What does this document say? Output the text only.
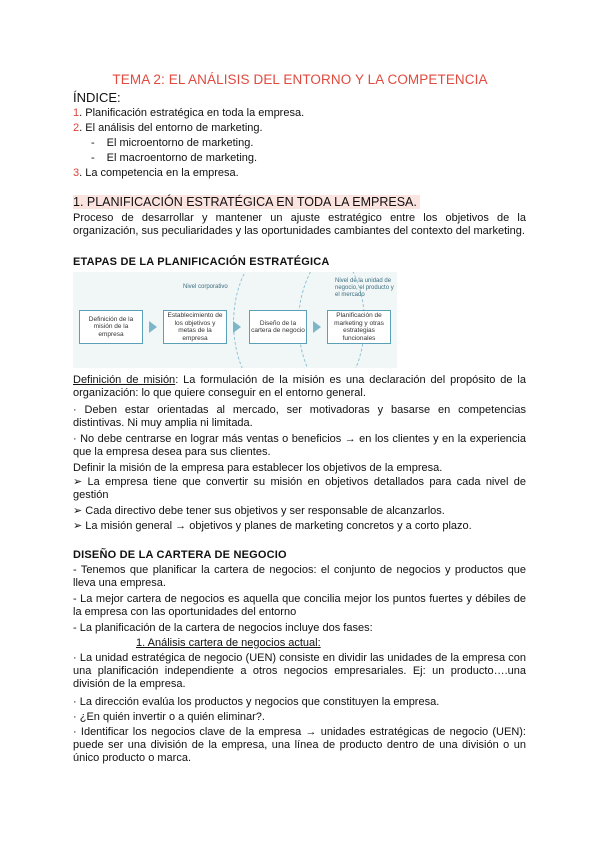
TEMA 2: EL ANÁLISIS DEL ENTORNO Y LA COMPETENCIA
ÍNDICE:
1. Planificación estratégica en toda la empresa.
2. El análisis del entorno de marketing.
- El microentorno de marketing.
- El macroentorno de marketing.
3. La competencia en la empresa.
1. PLANIFICACIÓN ESTRATÉGICA EN TODA LA EMPRESA.
Proceso de desarrollar y mantener un ajuste estratégico entre los objetivos de la organización, sus peculiaridades y las oportunidades cambiantes del contexto del marketing.
ETAPAS DE LA PLANIFICACIÓN ESTRATÉGICA
Nivel corporativo
Nivel de la unidad de negocio, el producto y el mercado
Definición de la misión de la empresa
Establecimiento de los objetivos y metas de la empresa
Diseño de la cartera de negocio
Planificación de marketing y otras estrategias funcionales
Definición de misión: La formulación de la misión es una declaración del propósito de la organización: lo que quiere conseguir en el entorno general.
· Deben estar orientadas al mercado, ser motivadoras y basarse en competencias distintivas. Ni muy amplia ni limitada.
· No debe centrarse en lograr más ventas o beneficios → en los clientes y en la experiencia que la empresa desea para sus clientes.
Definir la misión de la empresa para establecer los objetivos de la empresa.
➢ La empresa tiene que convertir su misión en objetivos detallados para cada nivel de gestión
➢ Cada directivo debe tener sus objetivos y ser responsable de alcanzarlos.
➢ La misión general → objetivos y planes de marketing concretos y a corto plazo.
DISEÑO DE LA CARTERA DE NEGOCIO
- Tenemos que planificar la cartera de negocios: el conjunto de negocios y productos que lleva una empresa.
- La mejor cartera de negocios es aquella que concilia mejor los puntos fuertes y débiles de la empresa con las oportunidades del entorno
- La planificación de la cartera de negocios incluye dos fases:
1. Análisis cartera de negocios actual:
· La unidad estratégica de negocio (UEN) consiste en dividir las unidades de la empresa con una planificación independiente a otros negocios empresariales. Ej: un producto….una división de la empresa.
· La dirección evalúa los productos y negocios que constituyen la empresa.
· ¿En quién invertir o a quién eliminar?.
· Identificar los negocios clave de la empresa → unidades estratégicas de negocio (UEN): puede ser una división de la empresa, una línea de producto dentro de una división o un único producto o marca.
